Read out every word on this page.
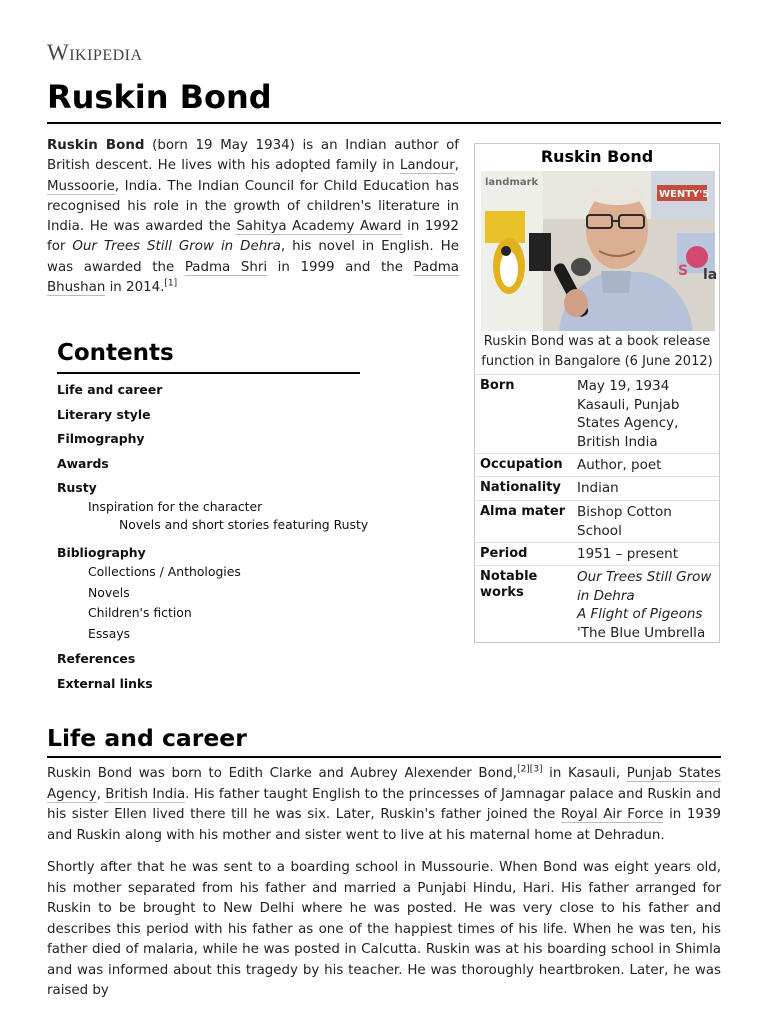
Wikipedia
Ruskin Bond

Ruskin Bond (born 19 May 1934) is an Indian author of British descent. He lives with his adopted family in Landour, Mussoorie, India. The Indian Council for Child Education has recognised his role in the growth of children's literature in India. He was awarded the Sahitya Academy Award in 1992 for Our Trees Still Grow in Dehra, his novel in English. He was awarded the Padma Shri in 1999 and the Padma Bhushan in 2014.[1]

Ruskin Bond
landmark
WENTY'5
la
S
Ruskin Bond was at a book release function in Bangalore (6 June 2012)
Born	May 19, 1934
Kasauli, Punjab
States Agency,
British India
Occupation Author, poet
Nationality Indian
Alma mater Bishop Cotton
School
Period	1951 – present
Notable works
Our Trees Still Grow
in Dehra
A Flight of Pigeons
'The Blue Umbrella
Contents
Life and career
Literary style
Filmography
Awards
Rusty
Inspiration for the character
Novels and short stories featuring Rusty
Bibliography
Collections / Anthologies
Novels
Children's fiction
Essays
References
External links
Life and career

Ruskin Bond was born to Edith Clarke and Aubrey Alexender Bond,[2][3] in Kasauli, Punjab States Agency, British India. His father taught English to the princesses of Jamnagar palace and Ruskin and his sister Ellen lived there till he was six. Later, Ruskin's father joined the Royal Air Force in 1939 and Ruskin along with his mother and sister went to live at his maternal home at Dehradun.

Shortly after that he was sent to a boarding school in Mussourie. When Bond was eight years old, his mother separated from his father and married a Punjabi Hindu, Hari. His father arranged for Ruskin to be brought to New Delhi where he was posted. He was very close to his father and describes this period with his father as one of the happiest times of his life. When he was ten, his father died of malaria, while he was posted in Calcutta. Ruskin was at his boarding school in Shimla and was informed about this tragedy by his teacher. He was thoroughly heartbroken. Later, he was raised by
